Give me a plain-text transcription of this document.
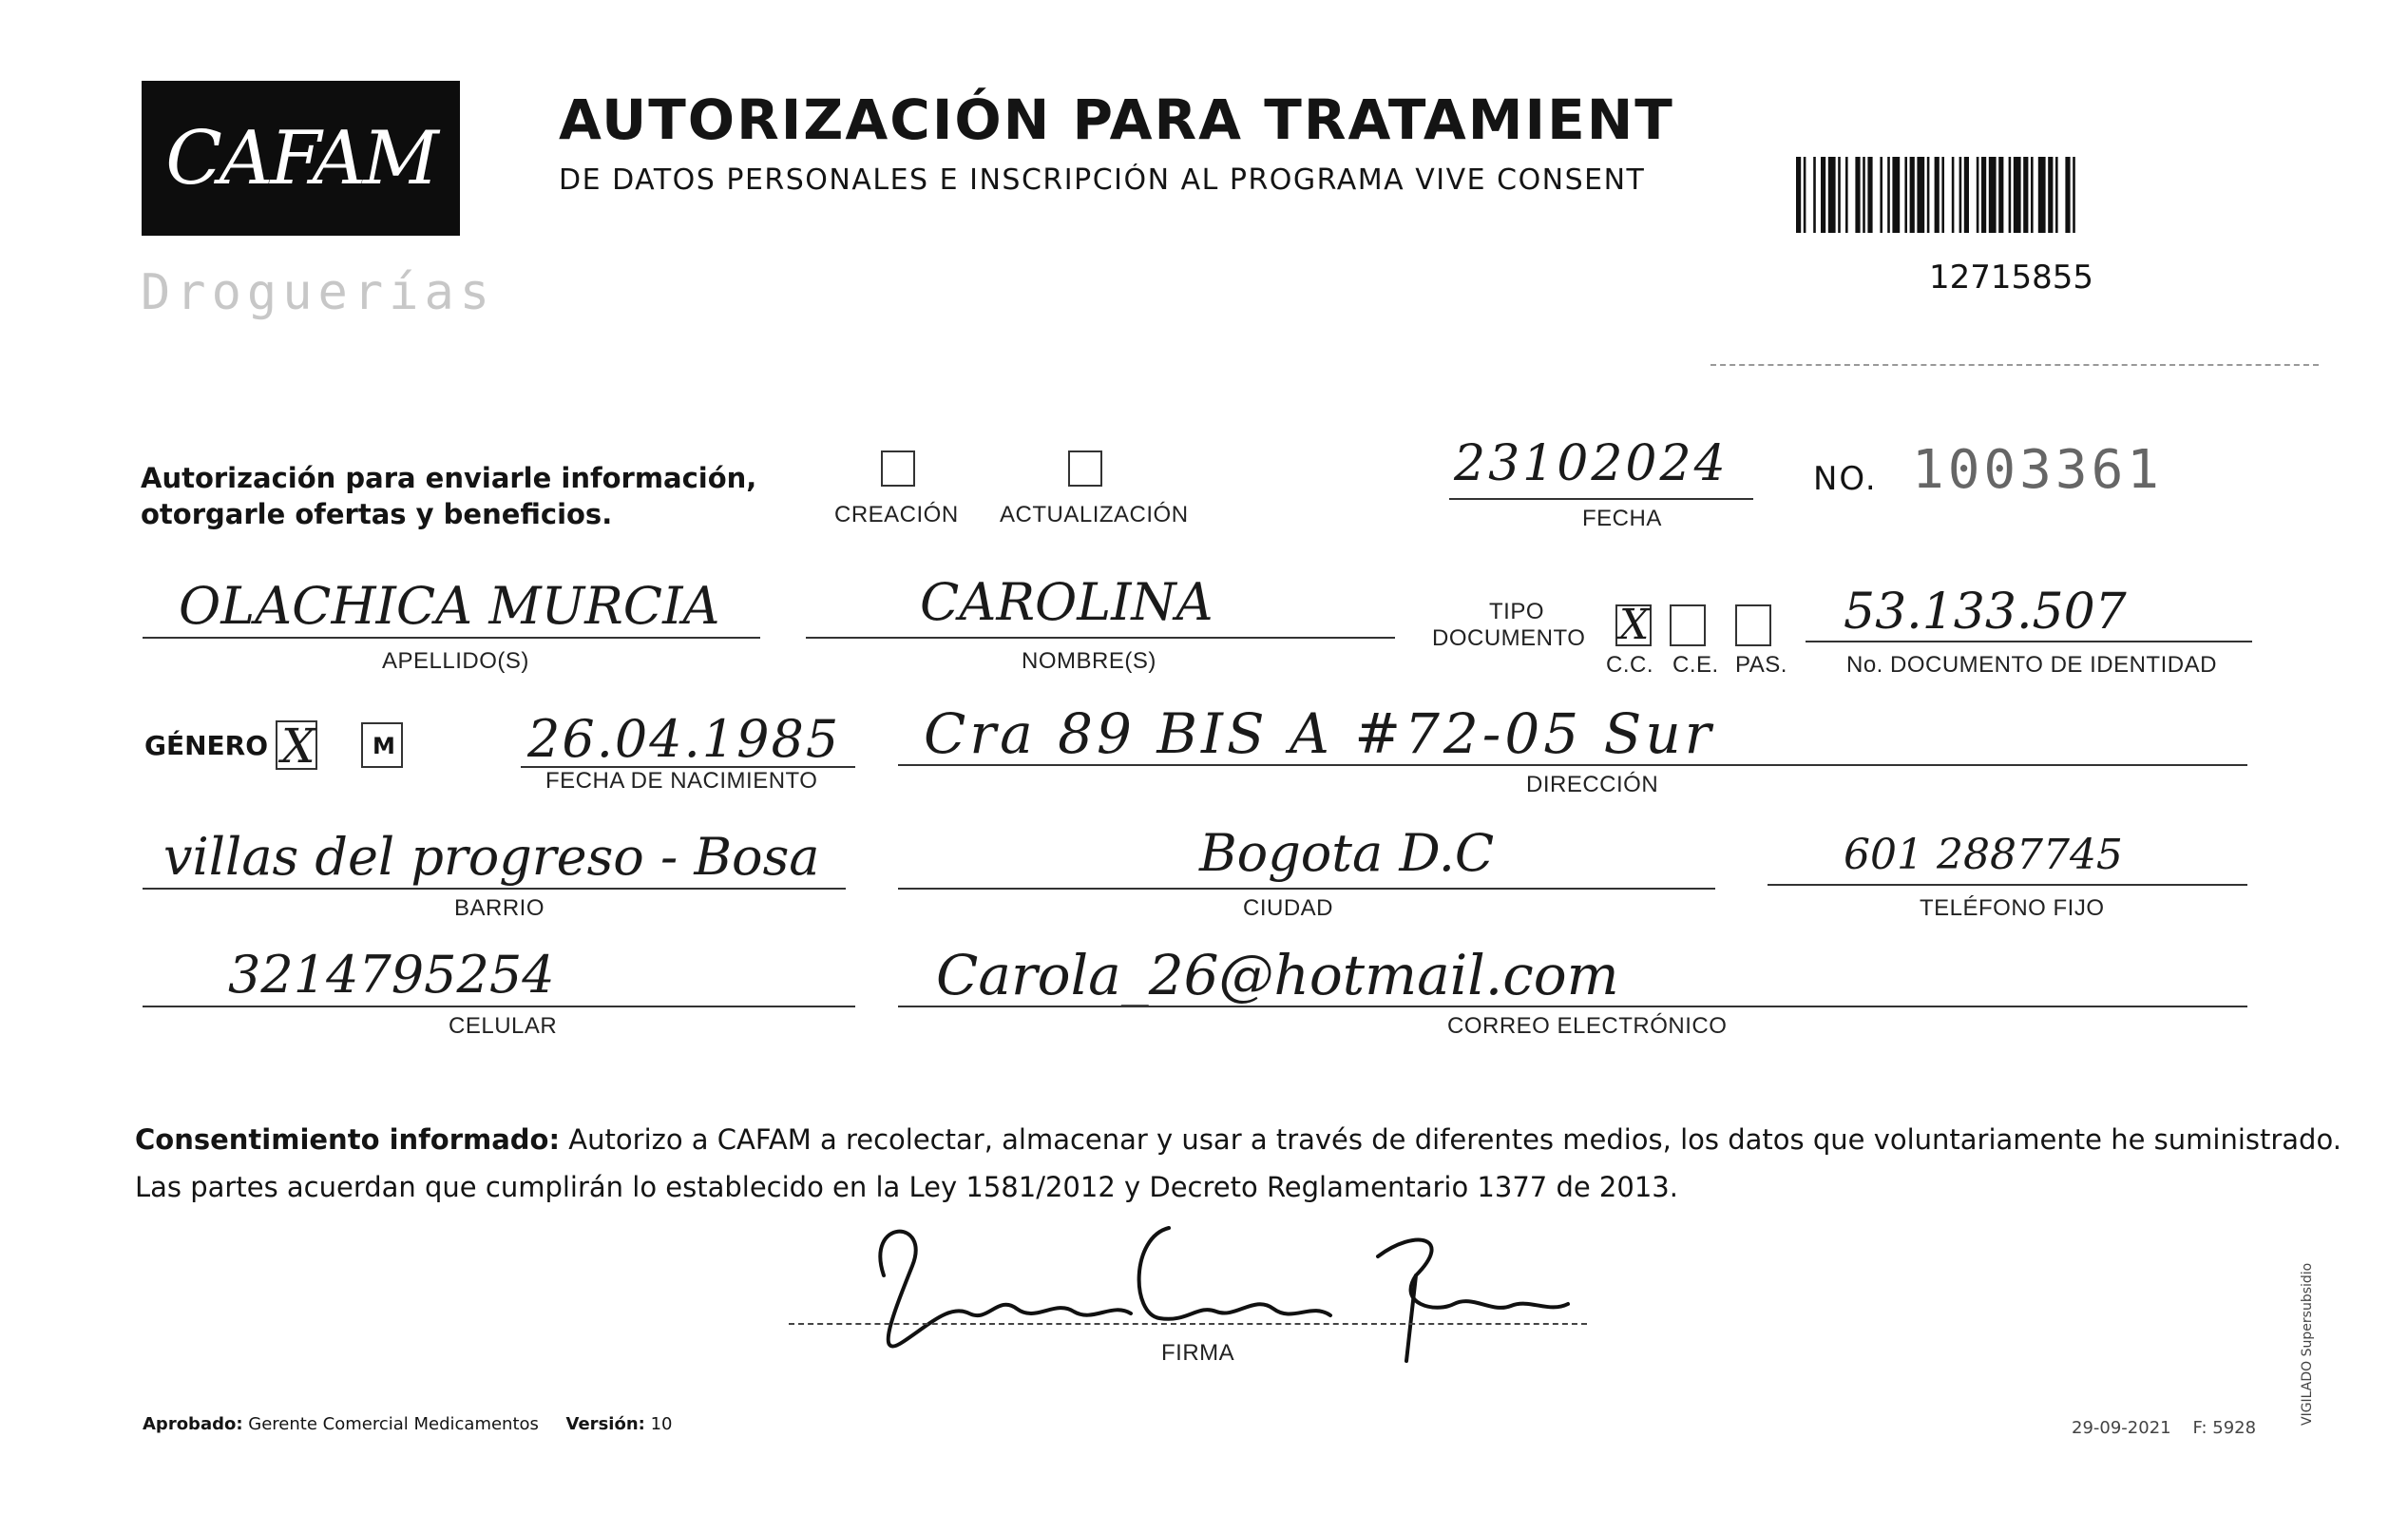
CAFAM
Droguerías
AUTORIZACIÓN PARA TRATAMIENT
DE DATOS PERSONALES E INSCRIPCIÓN AL PROGRAMA VIVE CONSENT
12715855
Autorización para enviarle información,
otorgarle ofertas y beneficios.	CREACIÓN ACTUALIZACIÓN
23102024
FECHA
NO. 1003361
OLACHICA MURCIA
APELLIDO(S)
CAROLINA
NOMBRE(S)
TIPO
DOCUMENTO X
C.C. C.E. PAS.
53.133.507
No. DOCUMENTO DE IDENTIDAD
GÉNERO X	M	26.04.1985
FECHA DE NACIMIENTO
Cra 89 BIS A #72-05 Sur
DIRECCIÓN
villas del progreso - Bosa
BARRIO
Bogota D.C
CIUDAD
601 2887745
TELÉFONO FIJO
3214795254
CELULAR
Carola_26@hotmail.com
CORREO ELECTRÓNICO
Consentimiento informado: Autorizo a CAFAM a recolectar, almacenar y usar a través de diferentes medios, los datos que voluntariamente he suministrado.
Las partes acuerdan que cumplirán lo establecido en la Ley 1581/2012 y Decreto Reglamentario 1377 de 2013.
FIRMA
Aprobado: Gerente Comercial Medicamentos Versión: 10	29-09-2021 F: 5928
VIGILADO Supersubsidio
